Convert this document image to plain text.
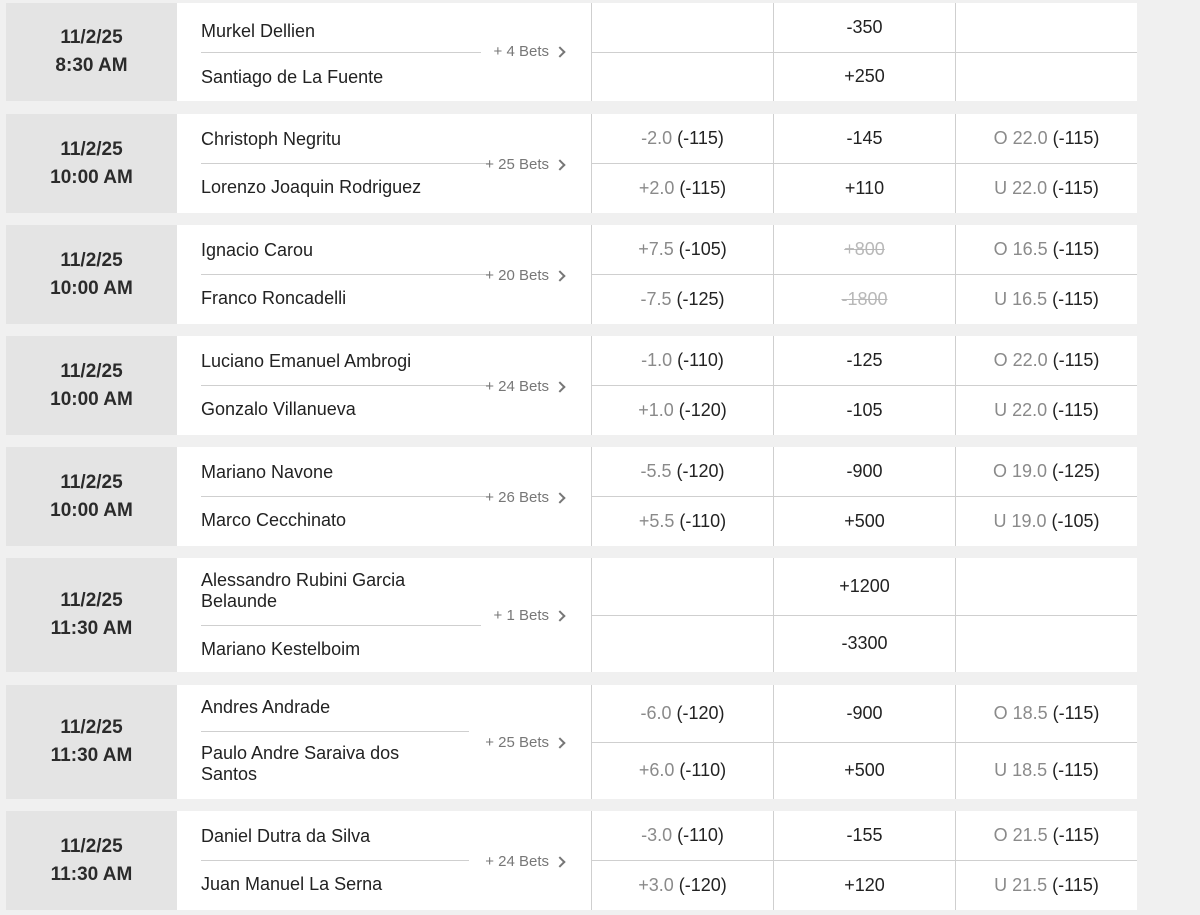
11/2/25
8:30 AM
Murkel Dellien
Santiago de La Fuente
+ 4 Bets
-350
+250
11/2/25
10:00 AM
Christoph Negritu
Lorenzo Joaquin Rodriguez
+ 25 Bets
-2.0 (-115)
+2.0 (-115)
-145
+110
O 22.0 (-115)
U 22.0 (-115)
11/2/25
10:00 AM
Ignacio Carou
Franco Roncadelli
+ 20 Bets
+7.5 (-105)
-7.5 (-125)
+800
-1800
O 16.5 (-115)
U 16.5 (-115)
11/2/25
10:00 AM
Luciano Emanuel Ambrogi
Gonzalo Villanueva
+ 24 Bets
-1.0 (-110)
+1.0 (-120)
-125
-105
O 22.0 (-115)
U 22.0 (-115)
11/2/25
10:00 AM
Mariano Navone
Marco Cecchinato
+ 26 Bets
-5.5 (-120)
+5.5 (-110)
-900
+500
O 19.0 (-125)
U 19.0 (-105)
11/2/25
11:30 AM
Alessandro Rubini Garcia Belaunde
Mariano Kestelboim
+ 1 Bets
+1200
-3300
11/2/25
11:30 AM
Andres Andrade
Paulo Andre Saraiva dos Santos
+ 25 Bets
-6.0 (-120)
+6.0 (-110)
-900
+500
O 18.5 (-115)
U 18.5 (-115)
11/2/25
11:30 AM
Daniel Dutra da Silva
Juan Manuel La Serna
+ 24 Bets
-3.0 (-110)
+3.0 (-120)
-155
+120
O 21.5 (-115)
U 21.5 (-115)
